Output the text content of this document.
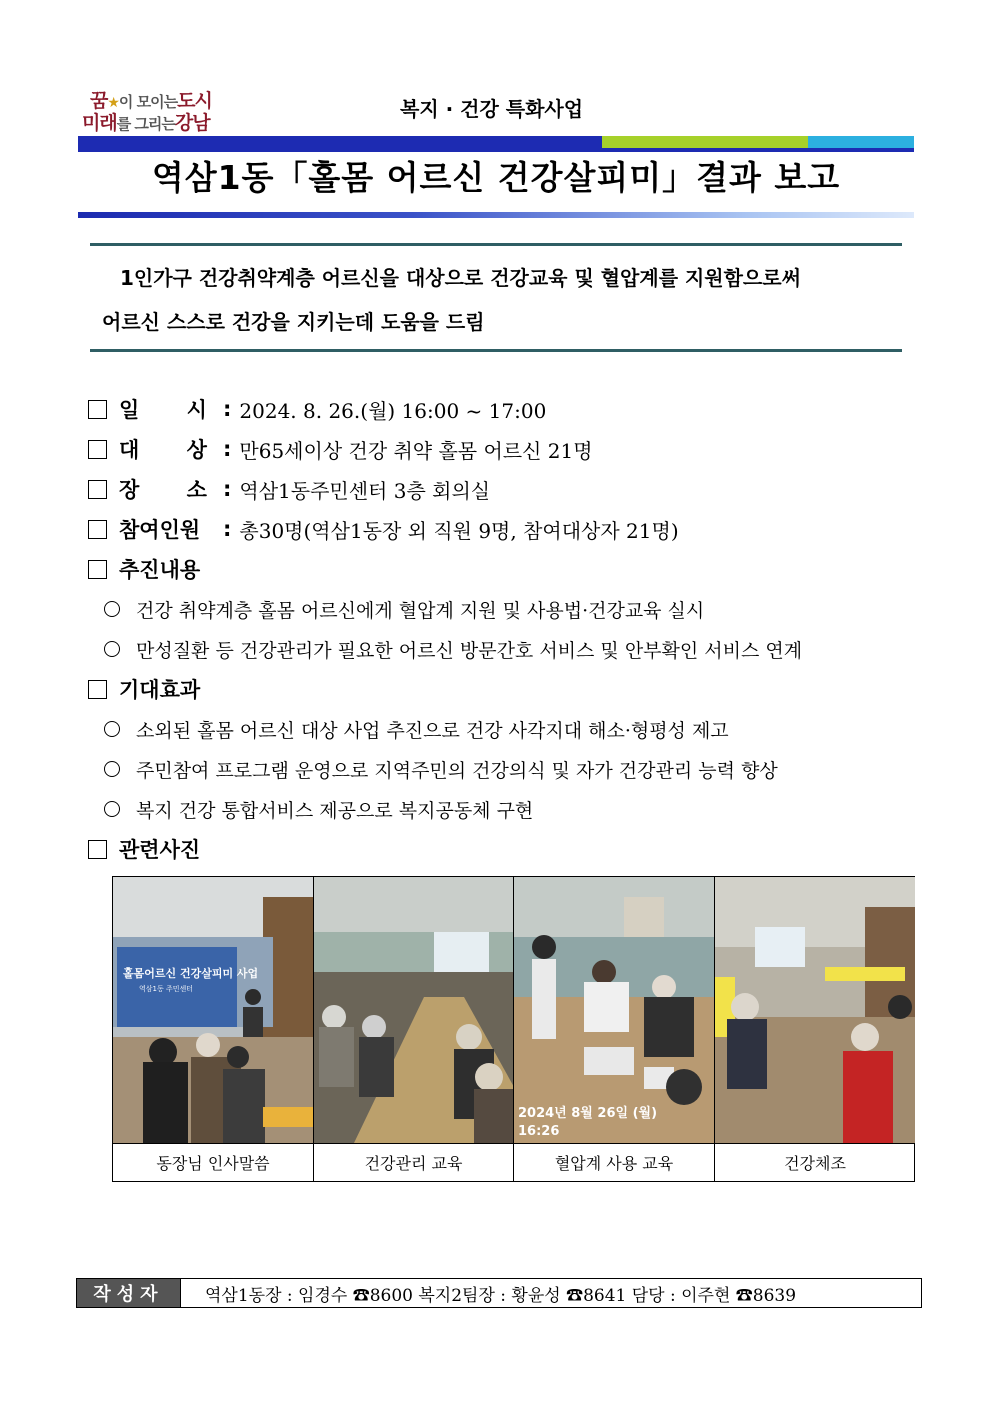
꿈★이 모이는도시
미래를 그리는강남
복지 · 건강 특화사업
역삼1동「홀몸 어르신 건강살피미」결과 보고
1인가구 건강취약계층 어르신을 대상으로 건강교육 및 혈압계를 지원함으로써
어르신 스스로 건강을 지키는데 도움을 드림
일 시 : 2024. 8. 26.(월) 16:00 ~ 17:00
대 상 : 만65세이상 건강 취약 홀몸 어르신 21명
장 소 : 역삼1동주민센터 3층 회의실
참여인원	: 총30명(역삼1동장 외 직원 9명, 참여대상자 21명)
추진내용
건강 취약계층 홀몸 어르신에게 혈압계 지원 및 사용법·건강교육 실시
만성질환 등 건강관리가 필요한 어르신 방문간호 서비스 및 안부확인 서비스 연계
기대효과
소외된 홀몸 어르신 대상 사업 추진으로 건강 사각지대 해소·형평성 제고
주민참여 프로그램 운영으로 지역주민의 건강의식 및 자가 건강관리 능력 향상
복지 건강 통합서비스 제공으로 복지공동체 구현
관련사진
홀몸어르신 건강살피미 사업
역삼1동 주민센터
2024년 8월 26일 (월)
16:26
동장님 인사말씀	건강관리 교육	혈압계 사용 교육	건강체조
작성자	역삼1동장 : 임경수 ☎8600 복지2팀장 : 황윤성 ☎8641 담당 : 이주현 ☎8639
